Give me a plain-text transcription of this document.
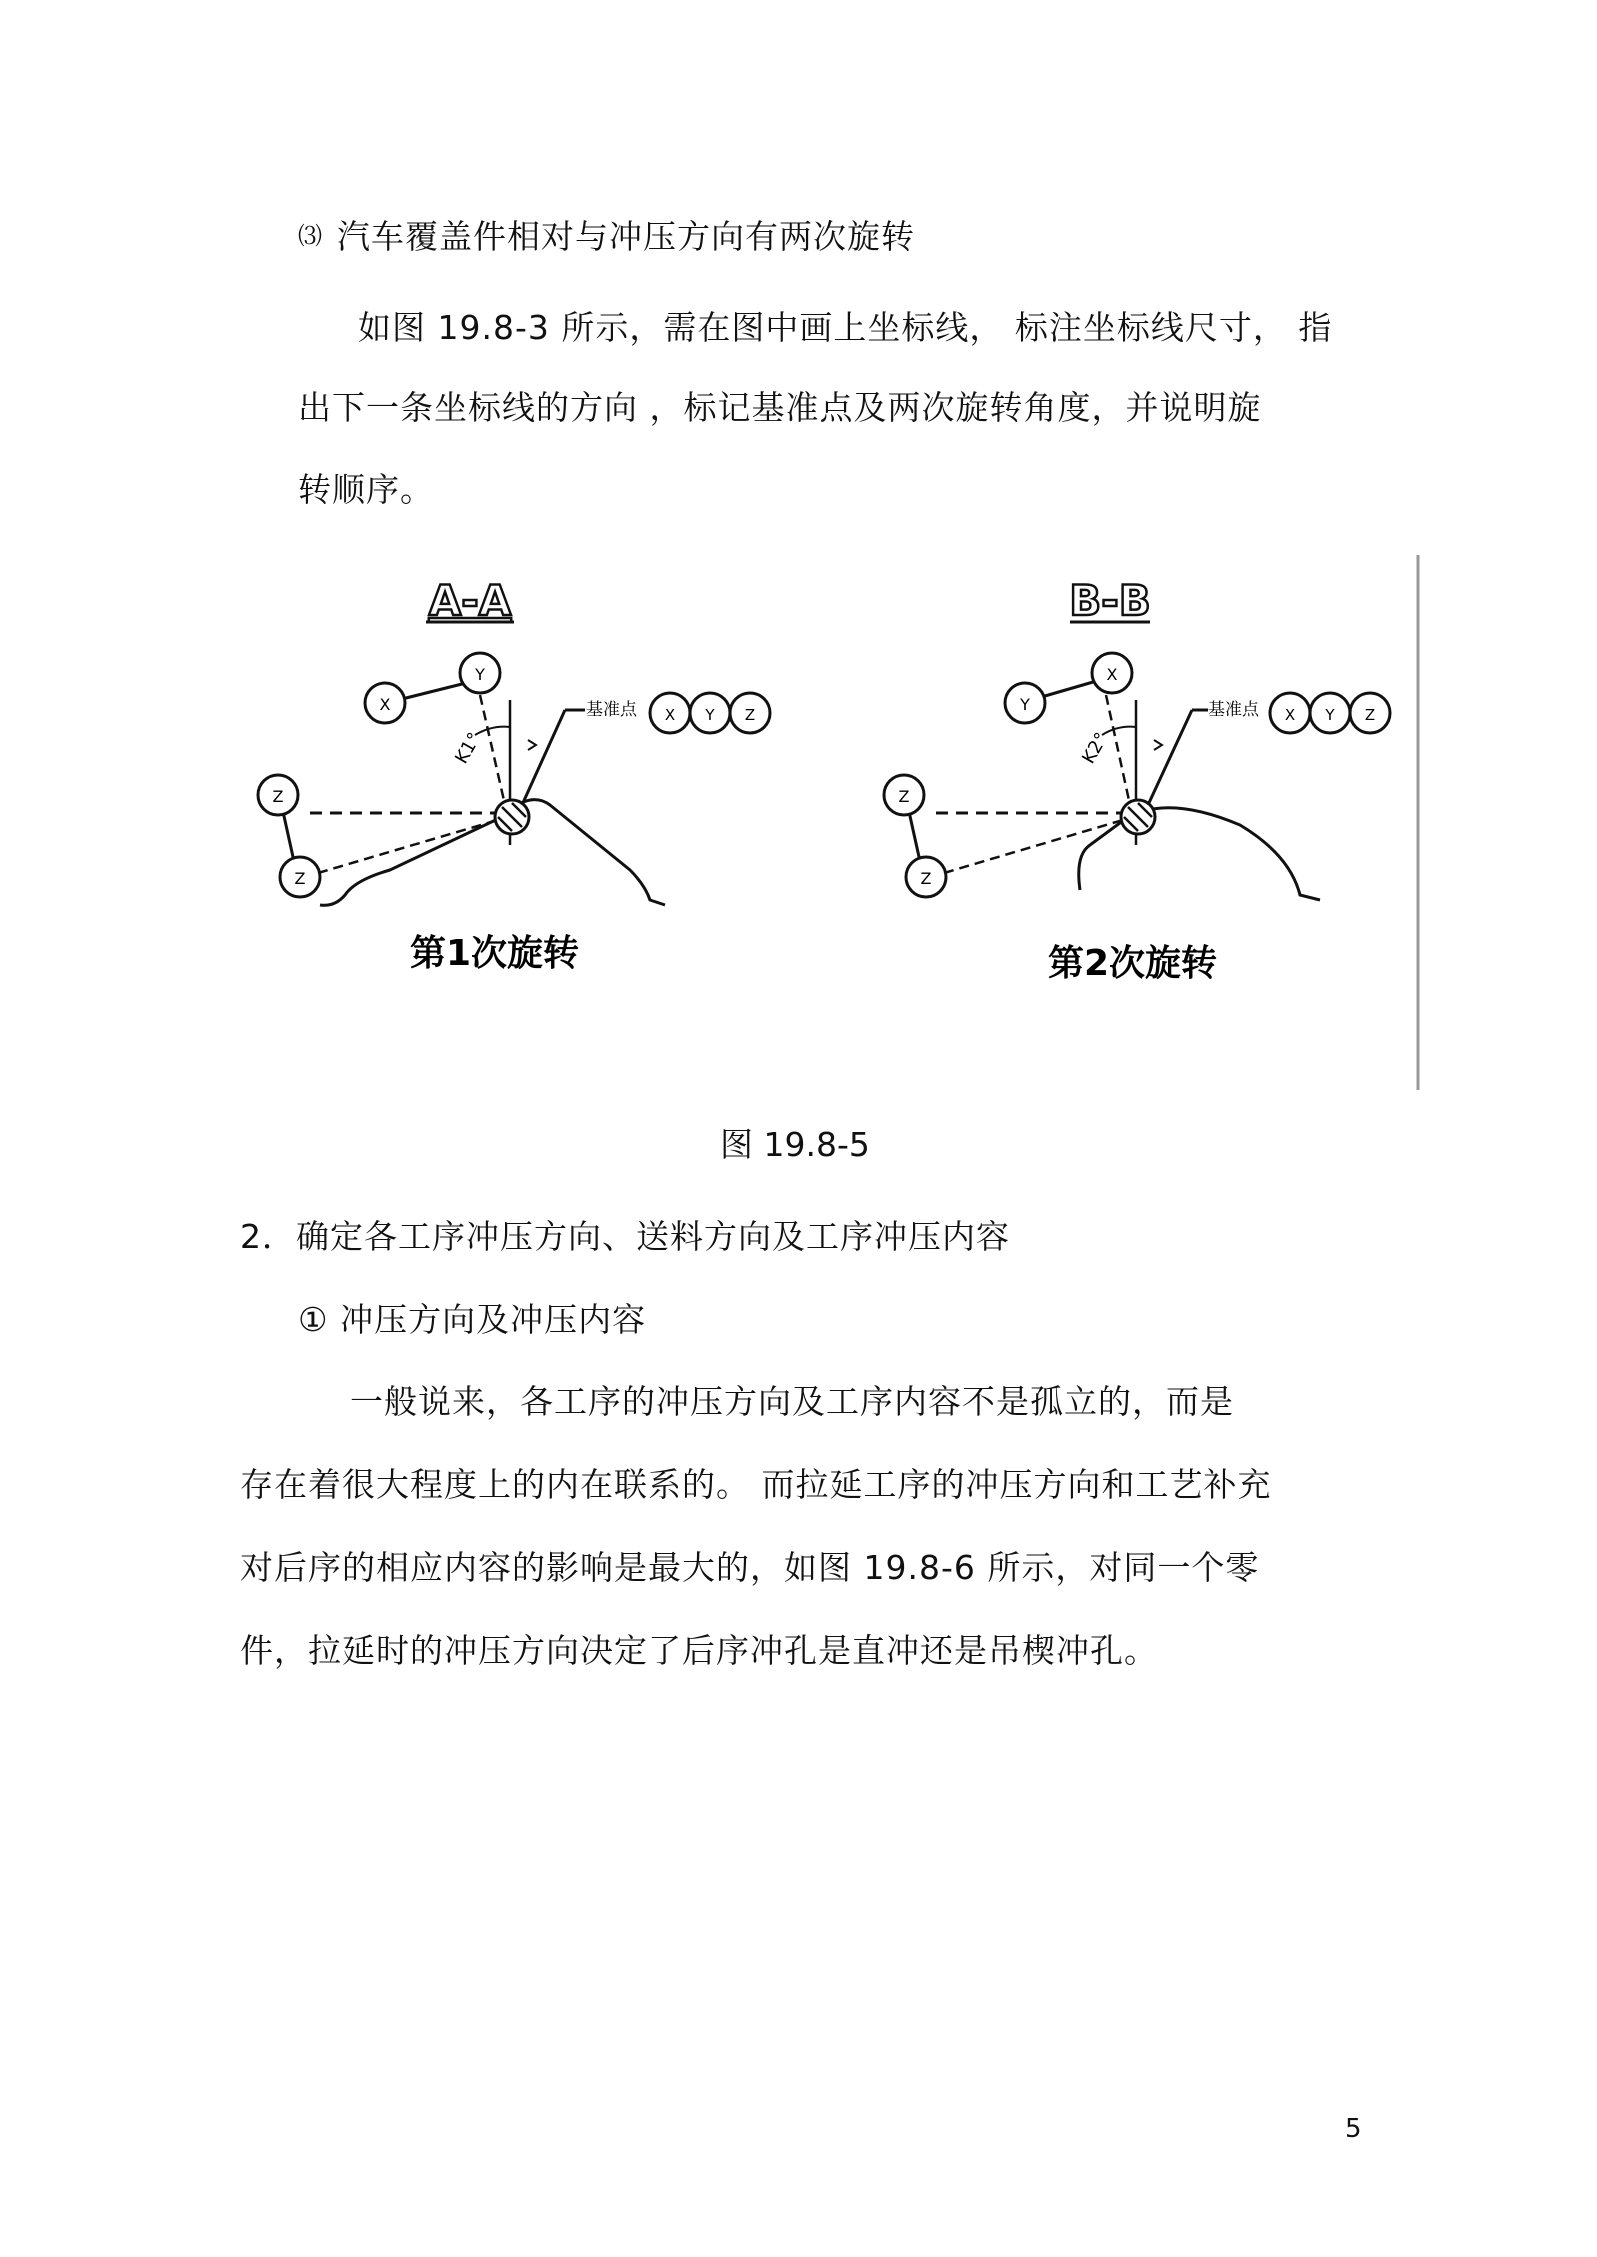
⑶ 汽车覆盖件相对与冲压方向有两次旋转
如图 19.8-3 所示，需在图中画上坐标线， 标注坐标线尺寸， 指
出下一条坐标线的方向 ，标记基准点及两次旋转角度，并说明旋
转顺序。
A-A
X
Y
Z
Z
K1°
基准点 X Y Z
第1次旋转
B-B
Y
X
Z
Z
K2°
基准点 X Y Z
第2次旋转
图 19.8-5
2．确定各工序冲压方向、送料方向及工序冲压内容
① 冲压方向及冲压内容
一般说来，各工序的冲压方向及工序内容不是孤立的，而是
存在着很大程度上的内在联系的。 而拉延工序的冲压方向和工艺补充
对后序的相应内容的影响是最大的，如图 19.8-6 所示，对同一个零
件，拉延时的冲压方向决定了后序冲孔是直冲还是吊楔冲孔。
5
